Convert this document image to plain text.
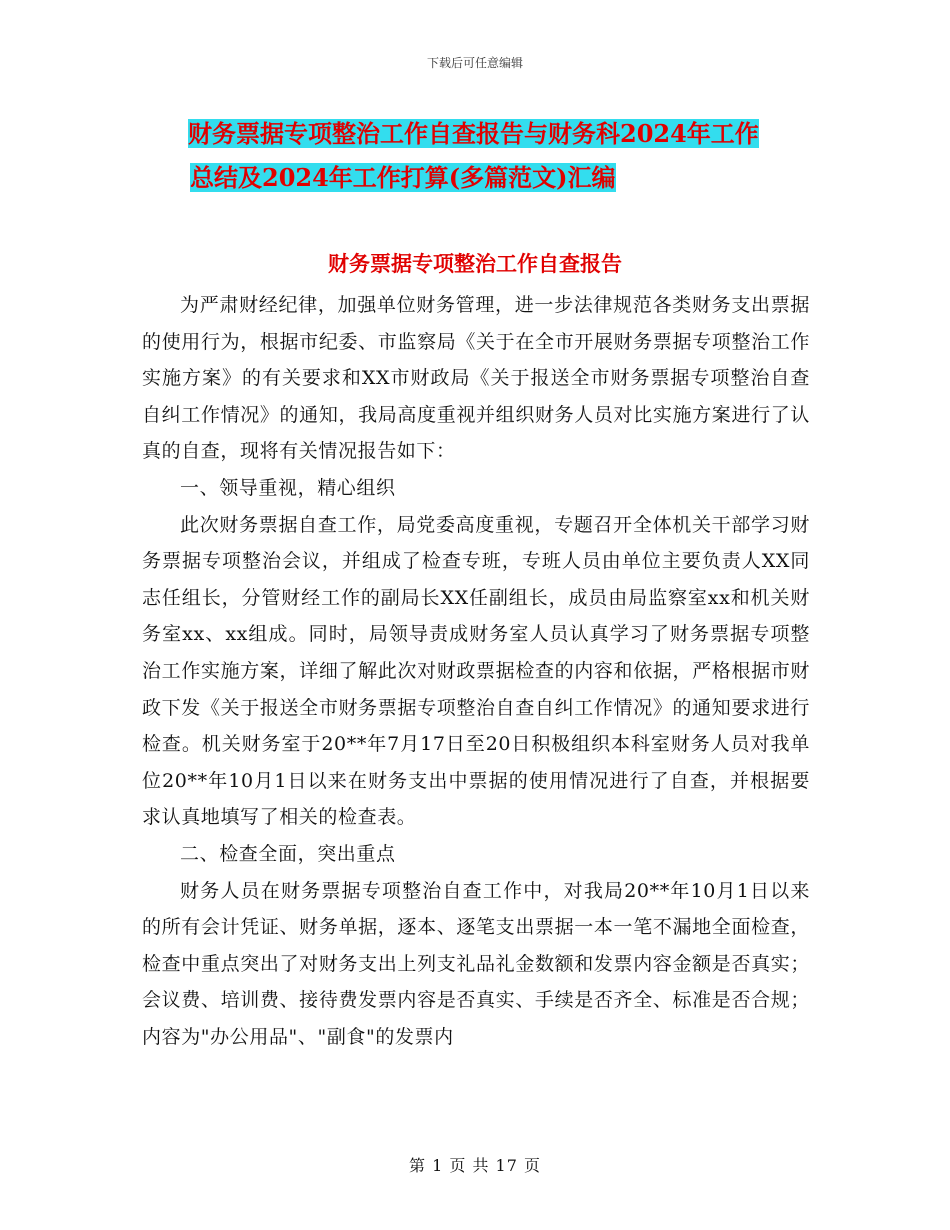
下载后可任意编辑
财务票据专项整治工作自查报告与财务科2024年工作
总结及2024年工作打算(多篇范文)汇编
财务票据专项整治工作自查报告

为严肃财经纪律，加强单位财务管理，进一步法律规范各类财务支出票据的使用行为，根据市纪委、市监察局《关于在全市开展财务票据专项整治工作实施方案》的有关要求和XX市财政局《关于报送全市财务票据专项整治自查自纠工作情况》的通知，我局高度重视并组织财务人员对比实施方案进行了认真的自查，现将有关情况报告如下：

一、领导重视，精心组织

此次财务票据自查工作，局党委高度重视，专题召开全体机关干部学习财务票据专项整治会议，并组成了检查专班，专班人员由单位主要负责人XX同志任组长，分管财经工作的副局长XX任副组长，成员由局监察室xx和机关财务室xx、xx组成。同时，局领导责成财务室人员认真学习了财务票据专项整治工作实施方案，详细了解此次对财政票据检查的内容和依据，严格根据市财政下发《关于报送全市财务票据专项整治自查自纠工作情况》的通知要求进行检查。机关财务室于20**年7月17日至20日积极组织本科室财务人员对我单位20**年10月1日以来在财务支出中票据的使用情况进行了自查，并根据要求认真地填写了相关的检查表。

二、检查全面，突出重点

财务人员在财务票据专项整治自查工作中，对我局20**年10月1日以来的所有会计凭证、财务单据，逐本、逐笔支出票据一本一笔不漏地全面检查，检查中重点突出了对财务支出上列支礼品礼金数额和发票内容金额是否真实；会议费、培训费、接待费发票内容是否真实、手续是否齐全、标准是否合规；内容为"办公用品"、"副食"的发票内

第 1 页 共 17 页
